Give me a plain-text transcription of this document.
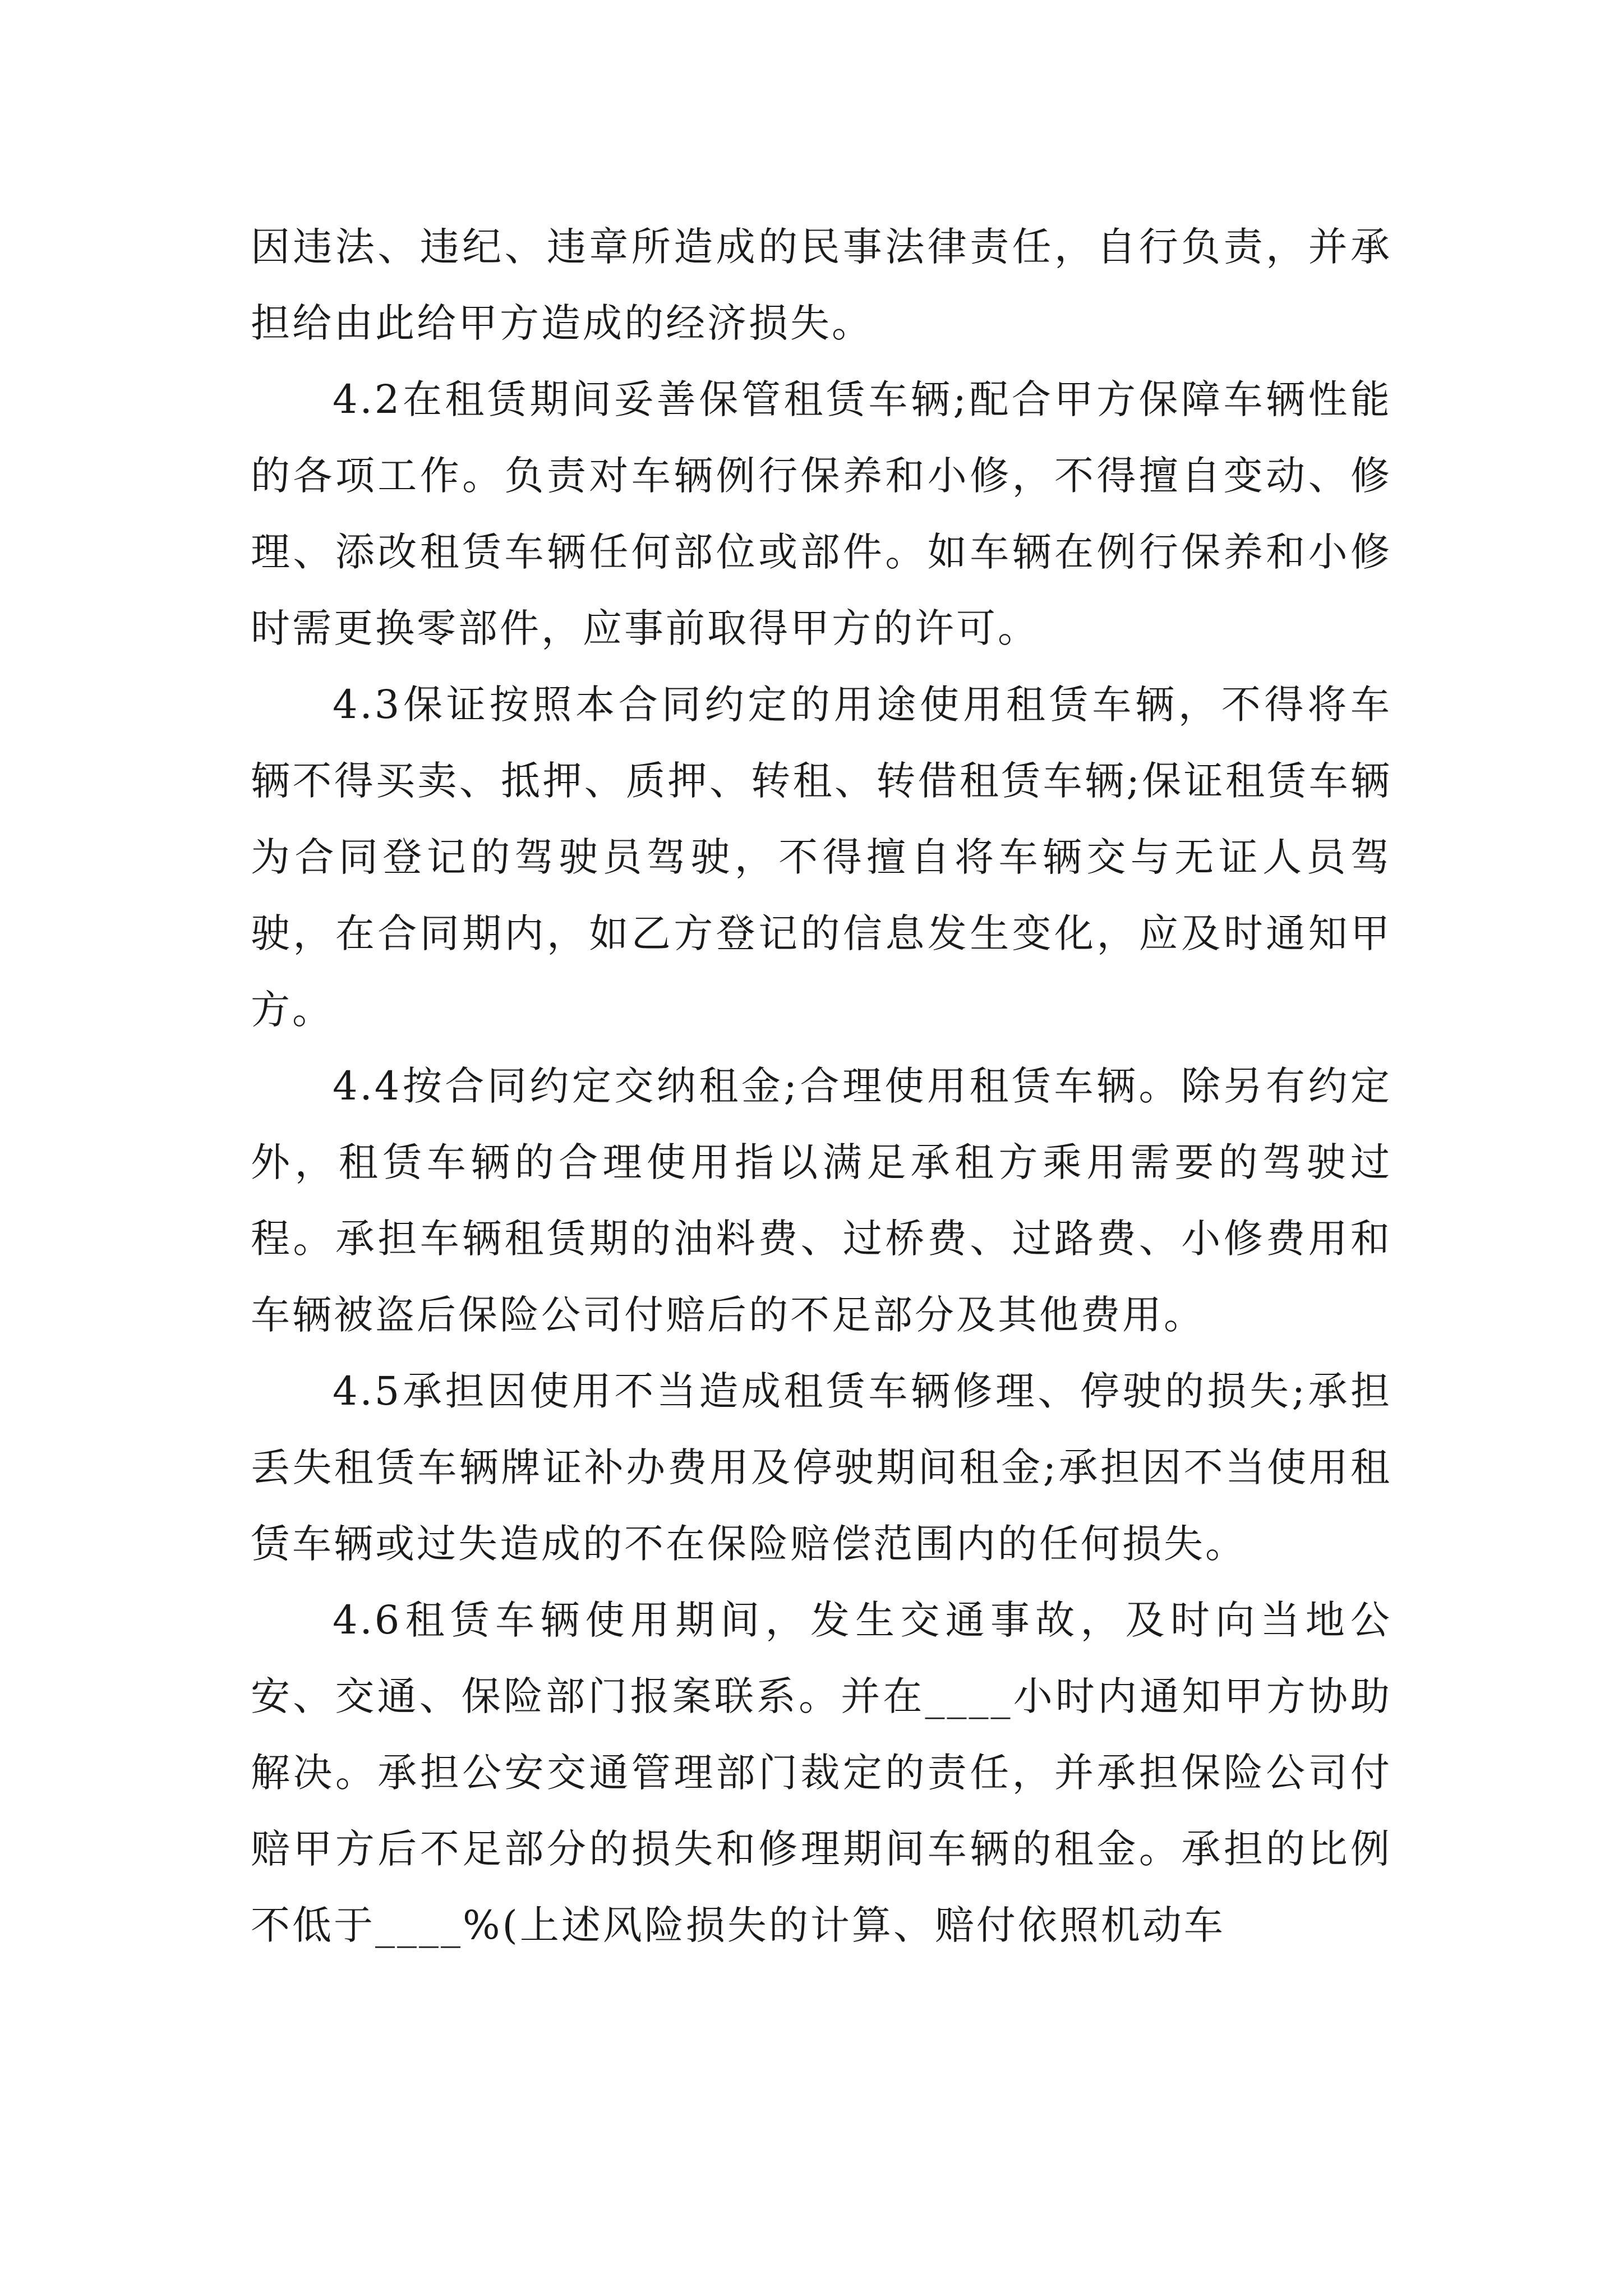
因违法、违纪、违章所造成的民事法律责任，自行负责，并承担给由此给甲方造成的经济损失。

4.2在租赁期间妥善保管租赁车辆;配合甲方保障车辆性能的各项工作。负责对车辆例行保养和小修，不得擅自变动、修理、添改租赁车辆任何部位或部件。如车辆在例行保养和小修时需更换零部件，应事前取得甲方的许可。

4.3保证按照本合同约定的用途使用租赁车辆，不得将车辆不得买卖、抵押、质押、转租、转借租赁车辆;保证租赁车辆为合同登记的驾驶员驾驶，不得擅自将车辆交与无证人员驾驶，在合同期内，如乙方登记的信息发生变化，应及时通知甲方。

4.4按合同约定交纳租金;合理使用租赁车辆。除另有约定外，租赁车辆的合理使用指以满足承租方乘用需要的驾驶过程。承担车辆租赁期的油料费、过桥费、过路费、小修费用和车辆被盗后保险公司付赔后的不足部分及其他费用。

4.5承担因使用不当造成租赁车辆修理、停驶的损失;承担丢失租赁车辆牌证补办费用及停驶期间租金;承担因不当使用租赁车辆或过失造成的不在保险赔偿范围内的任何损失。

4.6租赁车辆使用期间，发生交通事故，及时向当地公安、交通、保险部门报案联系。并在____小时内通知甲方协助解决。承担公安交通管理部门裁定的责任，并承担保险公司付赔甲方后不足部分的损失和修理期间车辆的租金。承担的比例不低于____%(上述风险损失的计算、赔付依照机动车
